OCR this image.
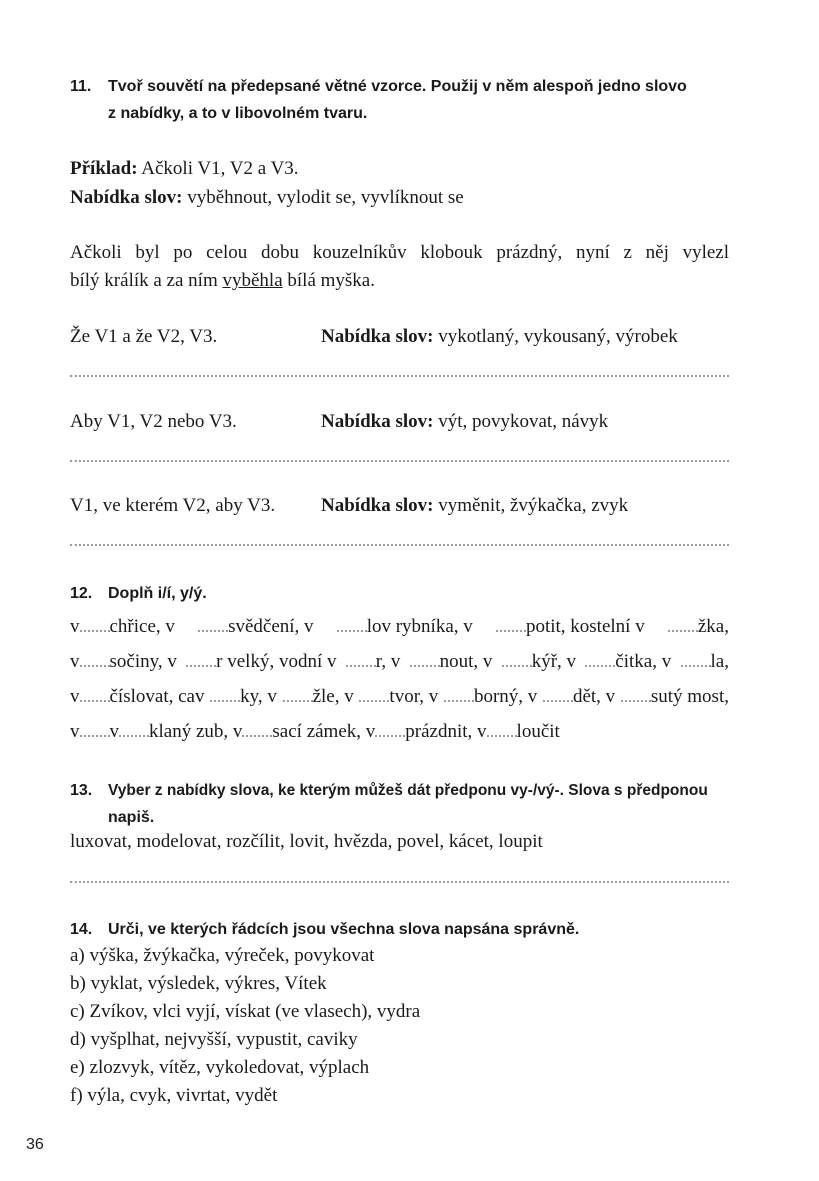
11.	Tvoř souvětí na předepsané větné vzorce. Použij v něm alespoň jedno slovo
z nabídky, a to v libovolném tvaru.
Příklad: Ačkoli V1, V2 a V3.
Nabídka slov: vyběhnout, vylodit se, vyvlíknout se
Ačkoli byl po celou dobu kouzelníkův klobouk prázdný, nyní z něj vylezl
bílý králík a za ním vyběhla bílá myška.
Že V1 a že V2, V3.	Nabídka slov: vykotlaný, vykousaný, výrobek
Aby V1, V2 nebo V3.	Nabídka slov: výt, povykovat, návyk
V1, ve kterém V2, aby V3. Nabídka slov: vyměnit, žvýkačka, zvyk
12. Doplň i/í, y/ý.
v chřice, v	svědčení, v	lov rybníka, v	potit, kostelní v	žka,
v sočiny, v	r velký, vodní v	r, v	nout, v	kýř, v	čitka, v	la,
v číslovat, cav	ky, v	žle, v	tvor, v	borný, v	dět, v	sutý most,
v v klaný zub, v sací zámek, v prázdnit, v loučit
13.	Vyber z nabídky slova, ke kterým můžeš dát předponu vy-/vý-. Slova s předponou
napiš.
luxovat, modelovat, rozčílit, lovit, hvězda, povel, kácet, loupit
14. Urči, ve kterých řádcích jsou všechna slova napsána správně.
a) výška, žvýkačka, výreček, povykovat
b) vyklat, výsledek, výkres, Vítek
c) Zvíkov, vlci vyjí, vískat (ve vlasech), vydra
d) vyšplhat, nejvyšší, vypustit, caviky
e) zlozvyk, vítěz, vykoledovat, výplach
f) výla, cvyk, vivrtat, vydět
36
